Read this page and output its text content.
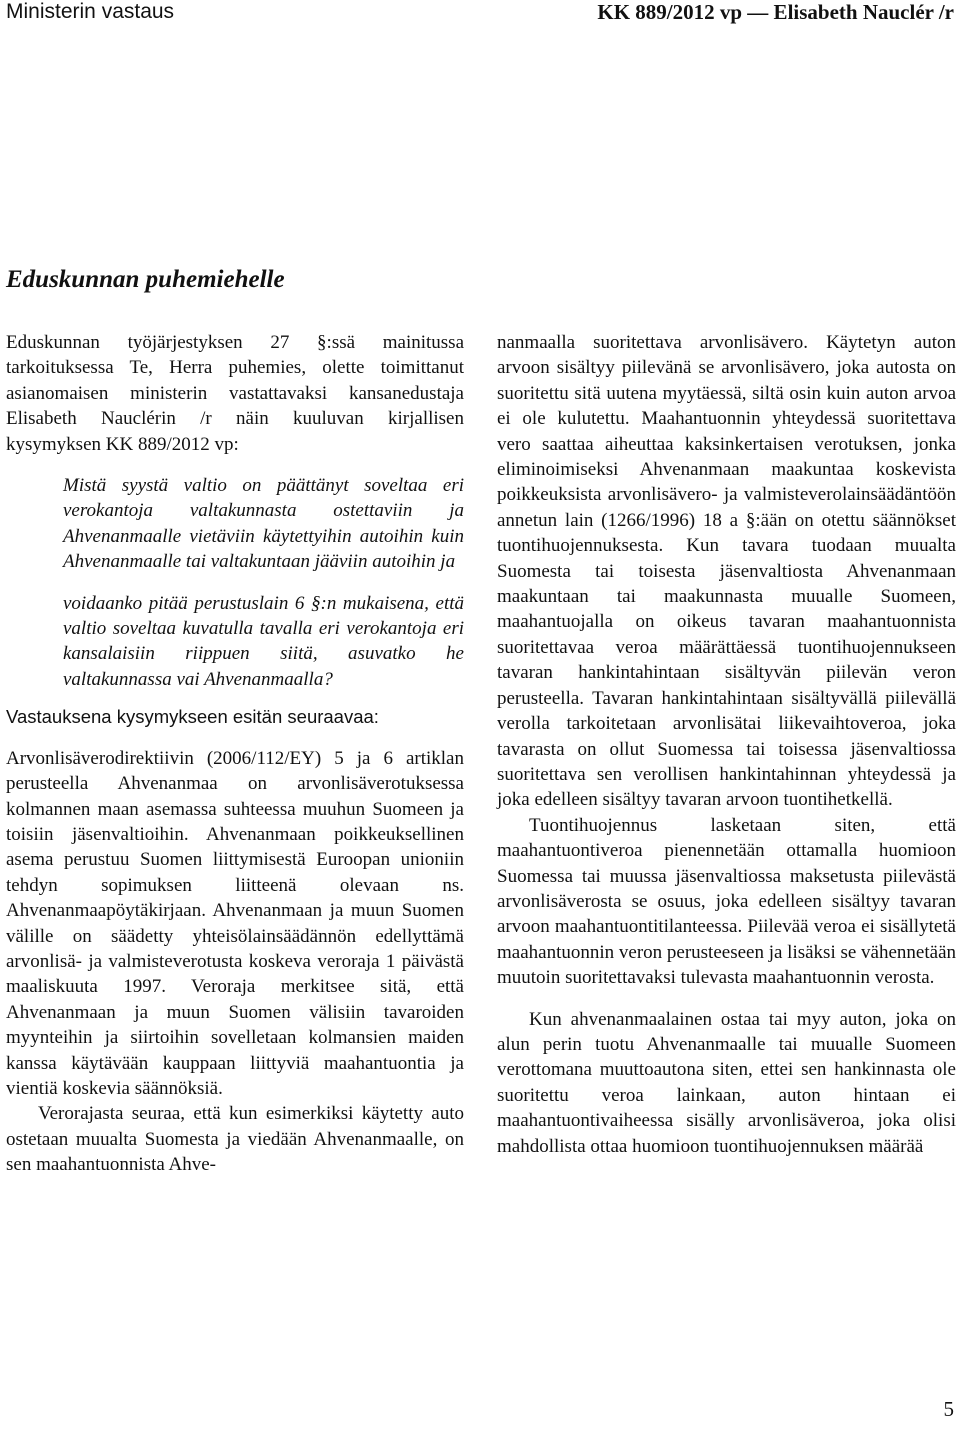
Ministerin vastaus	KK 889/2012 vp — Elisabeth Nauclér /r
Eduskunnan puhemiehelle

Eduskunnan työjärjestyksen 27 §:ssä mainitussa tarkoituksessa Te, Herra puhemies, olette toimittanut asianomaisen ministerin vastattavaksi kansanedustaja Elisabeth Nauclérin /r näin kuuluvan kirjallisen kysymyksen KK 889/2012 vp:

Mistä syystä valtio on päättänyt soveltaa eri verokantoja valtakunnasta ostettaviin ja Ahvenanmaalle vietäviin käytettyihin autoihin kuin Ahvenanmaalle tai valtakuntaan jääviin autoihin ja

voidaanko pitää perustuslain 6 §:n mukaisena, että valtio soveltaa kuvatulla tavalla eri verokantoja eri kansalaisiin riippuen siitä, asuvatko he valtakunnassa vai Ahvenanmaalla?

Vastauksena kysymykseen esitän seuraavaa:

Arvonlisäverodirektiivin (2006/112/EY) 5 ja 6 artiklan perusteella Ahvenanmaa on arvonlisäverotuksessa kolmannen maan asemassa suhteessa muuhun Suomeen ja toisiin jäsenvaltioihin. Ahvenanmaan poikkeuksellinen asema perustuu Suomen liittymisestä Euroopan unioniin tehdyn sopimuksen liitteenä olevaan ns. Ahvenanmaapöytäkirjaan. Ahvenanmaan ja muun Suomen välille on säädetty yhteisölainsäädännön edellyttämä arvonlisä- ja valmisteverotusta koskeva veroraja 1 päivästä maaliskuuta 1997. Veroraja merkitsee sitä, että Ahvenanmaan ja muun Suomen välisiin tavaroiden myynteihin ja siirtoihin sovelletaan kolmansien maiden kanssa käytävään kauppaan liittyviä maahantuontia ja vientiä koskevia säännöksiä.

Verorajasta seuraa, että kun esimerkiksi käytetty auto ostetaan muualta Suomesta ja viedään Ahvenanmaalle, on sen maahantuonnista Ahve-

nanmaalla suoritettava arvonlisävero. Käytetyn auton arvoon sisältyy piilevänä se arvonlisävero, joka autosta on suoritettu sitä uutena myytäessä, siltä osin kuin auton arvoa ei ole kulutettu. Maahantuonnin yhteydessä suoritettava vero saattaa aiheuttaa kaksinkertaisen verotuksen, jonka eliminoimiseksi Ahvenanmaan maakuntaa koskevista poikkeuksista arvonlisävero- ja valmisteverolainsäädäntöön annetun lain (1266/1996) 18 a §:ään on otettu säännökset tuontihuojennuksesta. Kun tavara tuodaan muualta Suomesta tai toisesta jäsenvaltiosta Ahvenanmaan maakuntaan tai maakunnasta muualle Suomeen, maahantuojalla on oikeus tavaran maahantuonnista suoritettavaa veroa määrättäessä tuontihuojennukseen tavaran hankintahintaan sisältyvän piilevän veron perusteella. Tavaran hankintahintaan sisältyvällä piilevällä verolla tarkoitetaan arvonlisätai liikevaihtoveroa, joka tavarasta on ollut Suomessa tai toisessa jäsenvaltiossa suoritettava sen verollisen hankintahinnan yhteydessä ja joka edelleen sisältyy tavaran arvoon tuontihetkellä.

Tuontihuojennus lasketaan siten, että maahantuontiveroa pienennetään ottamalla huomioon Suomessa tai muussa jäsenvaltiossa maksetusta piilevästä arvonlisäverosta se osuus, joka edelleen sisältyy tavaran arvoon maahantuontitilanteessa. Piilevää veroa ei sisällytetä maahantuonnin veron perusteeseen ja lisäksi se vähennetään muutoin suoritettavaksi tulevasta maahantuonnin verosta.

Kun ahvenanmaalainen ostaa tai myy auton, joka on alun perin tuotu Ahvenanmaalle tai muualle Suomeen verottomana muuttoautona siten, ettei sen hankinnasta ole suoritettu veroa lainkaan, auton hintaan ei maahantuontivaiheessa sisälly arvonlisäveroa, joka olisi mahdollista ottaa huomioon tuontihuojennuksen määrää

5
